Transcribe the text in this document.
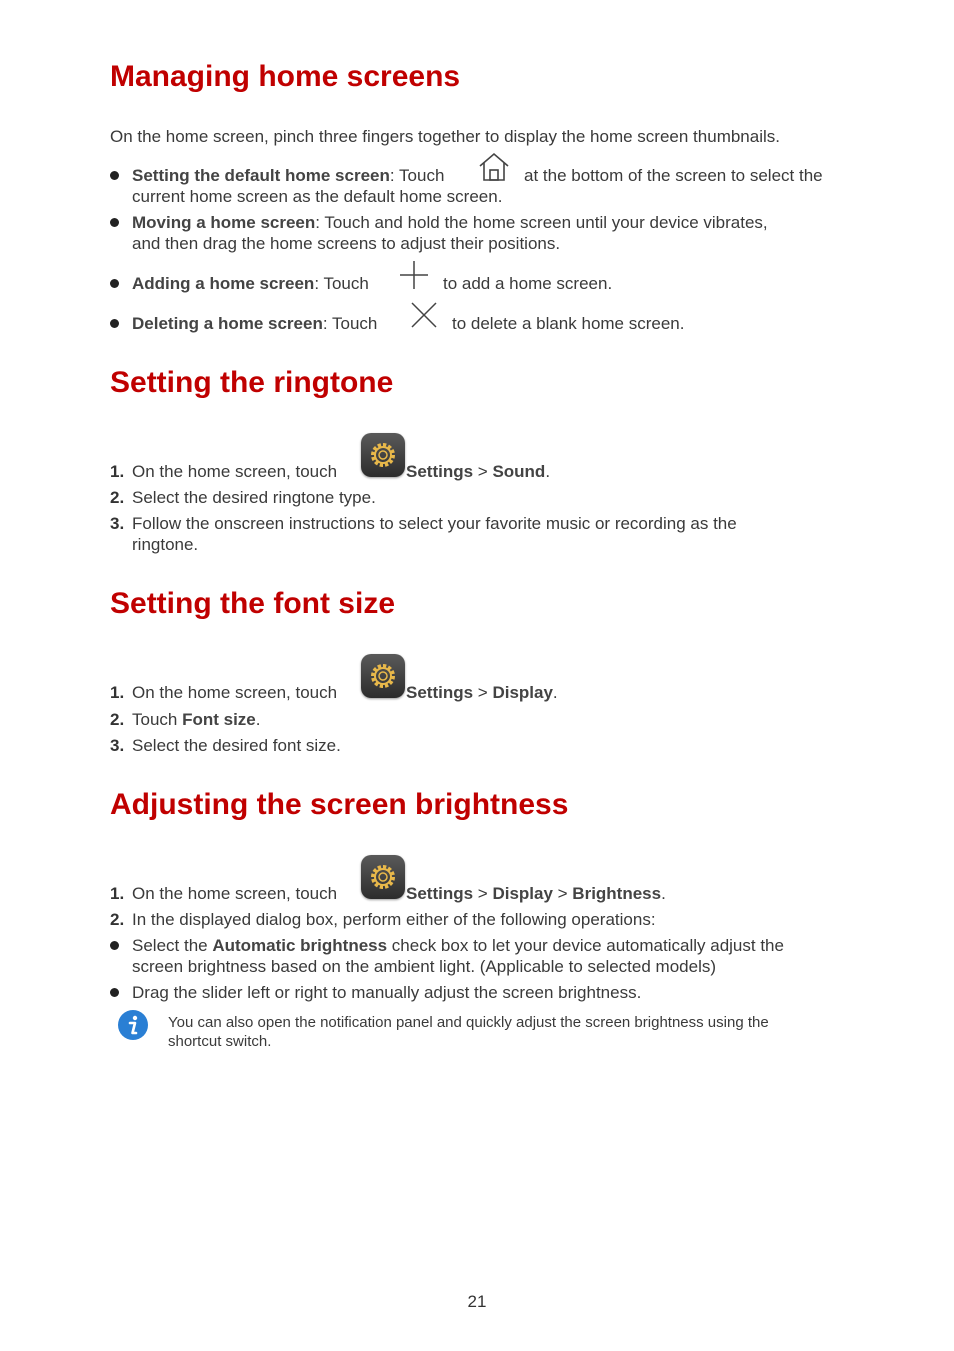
Managing home screens
On the home screen, pinch three fingers together to display the home screen thumbnails.
Setting the default home screen: Touch	at the bottom of the screen to select the
current home screen as the default home screen.
Moving a home screen: Touch and hold the home screen until your device vibrates,
and then drag the home screens to adjust their positions.
Adding a home screen: Touch	to add a home screen.
Deleting a home screen: Touch	to delete a blank home screen.
Setting the ringtone
1. On the home screen, touch	Settings > Sound.
2. Select the desired ringtone type.
3. Follow the onscreen instructions to select your favorite music or recording as the
ringtone.
Setting the font size
1. On the home screen, touch	Settings > Display.
2. Touch Font size.
3. Select the desired font size.
Adjusting the screen brightness
1. On the home screen, touch	Settings > Display > Brightness.
2. In the displayed dialog box, perform either of the following operations:
Select the Automatic brightness check box to let your device automatically adjust the
screen brightness based on the ambient light. (Applicable to selected models)
Drag the slider left or right to manually adjust the screen brightness.
You can also open the notification panel and quickly adjust the screen brightness using the
shortcut switch.
21
